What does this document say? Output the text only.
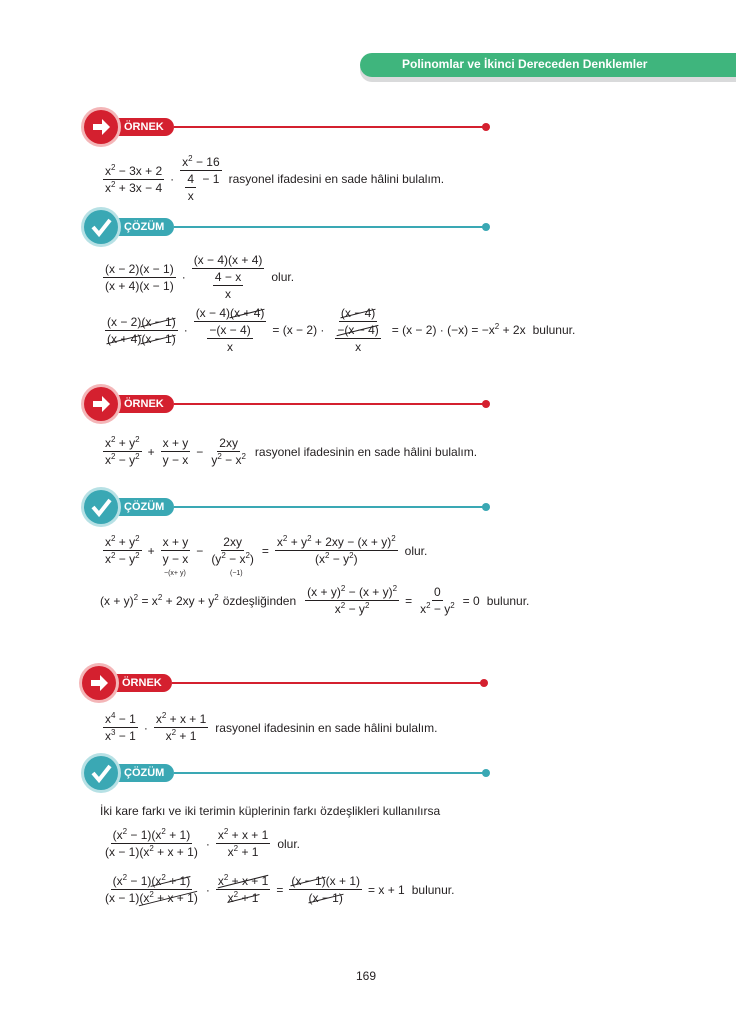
Polinomlar ve İkinci Dereceden Denklemler
ÖRNEK
$\frac{x^2 - 3x + 2}{x^2 + 3x - 4} \cdot \frac{x^2 - 16}{\frac{4}{x} - 1}$ rasyonel ifadesini en sade hâlini bulalım.
ÇÖZÜM
$\frac{(x - 2)(x - 1)}{(x + 4)(x - 1)} \cdot \frac{(x - 4)(x + 4)}{\frac{4 - x}{x}}$ olur.
$\frac{(x - 2)(x - 1)}{(x + 4)(x - 1)} \cdot \frac{(x - 4)(x + 4)}{\frac{-(x - 4)}{x}} = (x - 2) \cdot \frac{(x - 4)}{\frac{-(x - 4)}{x}} = (x - 2) \cdot (-x) = -x^2 + 2x$ bulunur.
ÖRNEK
$\frac{x^2 + y^2}{x^2 - y^2} + \frac{x + y}{y - x} - \frac{2xy}{y^2 - x^2}$ rasyonel ifadesinin en sade hâlini bulalım.
ÇÖZÜM
$\frac{x^2 + y^2}{x^2 - y^2} + \frac{x + y}{y - x} - \frac{2xy}{(y^2 - x^2)} = \frac{x^2 + y^2 + 2xy - (x + y)^2}{(x^2 - y^2)}$ olur.
−(x+ y)	(−1)
$(x + y)^2 = x^2 + 2xy + y^2$ özdeşliğinden $\frac{(x + y)^2 - (x + y)^2}{x^2 - y^2} = \frac{0}{x^2 - y^2} = 0$ bulunur.
ÖRNEK
$\frac{x^4 - 1}{x^3 - 1} \cdot \frac{x^2 + x + 1}{x^2 + 1}$ rasyonel ifadesinin en sade hâlini bulalım.
ÇÖZÜM
İki kare farkı ve iki terimin küplerinin farkı özdeşlikleri kullanılırsa
$\frac{(x^2 - 1)(x^2 + 1)}{(x - 1)(x^2 + x + 1)} \cdot \frac{x^2 + x + 1}{x^2 + 1}$ olur.
$\frac{(x^2 - 1)(x^2 + 1)}{(x - 1)(x^2 + x + 1)} \cdot \frac{x^2 + x + 1}{x^2 + 1} = \frac{(x - 1)(x + 1)}{(x - 1)} = x + 1$ bulunur.
169
